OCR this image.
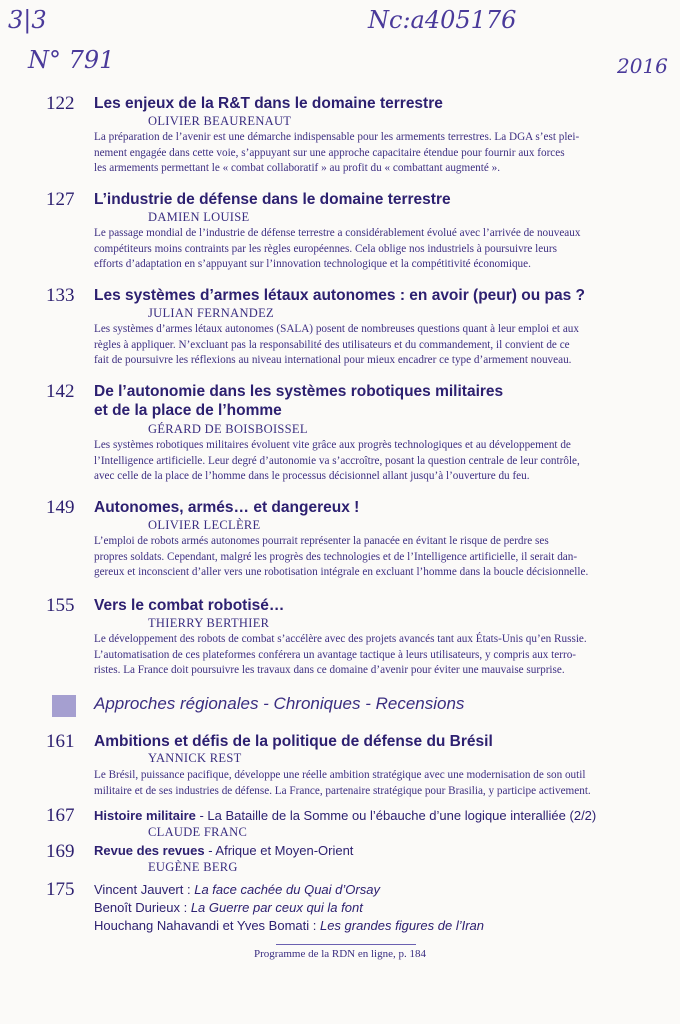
3|3
N° 791
Nc:a405176
2016
122	Les enjeux de la R&T dans le domaine terrestre
OLIVIER BEAURENAUT
La préparation de l’avenir est une démarche indispensable pour les armements terrestres. La DGA s’est plei-
nement engagée dans cette voie, s’appuyant sur une approche capacitaire étendue pour fournir aux forces
les armements permettant le « combat collaboratif » au profit du « combattant augmenté ».
127	L’industrie de défense dans le domaine terrestre
DAMIEN LOUISE
Le passage mondial de l’industrie de défense terrestre a considérablement évolué avec l’arrivée de nouveaux
compétiteurs moins contraints par les règles européennes. Cela oblige nos industriels à poursuivre leurs
efforts d’adaptation en s’appuyant sur l’innovation technologique et la compétitivité économique.
133	Les systèmes d’armes létaux autonomes : en avoir (peur) ou pas ?
JULIAN FERNANDEZ
Les systèmes d’armes létaux autonomes (SALA) posent de nombreuses questions quant à leur emploi et aux
règles à appliquer. N’excluant pas la responsabilité des utilisateurs et du commandement, il convient de ce
fait de poursuivre les réflexions au niveau international pour mieux encadrer ce type d’armement nouveau.
142	De l’autonomie dans les systèmes robotiques militaires
et de la place de l’homme
GÉRARD DE BOISBOISSEL
Les systèmes robotiques militaires évoluent vite grâce aux progrès technologiques et au développement de
l’Intelligence artificielle. Leur degré d’autonomie va s’accroître, posant la question centrale de leur contrôle,
avec celle de la place de l’homme dans le processus décisionnel allant jusqu’à l’ouverture du feu.
149	Autonomes, armés… et dangereux !
OLIVIER LECLÈRE
L’emploi de robots armés autonomes pourrait représenter la panacée en évitant le risque de perdre ses
propres soldats. Cependant, malgré les progrès des technologies et de l’Intelligence artificielle, il serait dan-
gereux et inconscient d’aller vers une robotisation intégrale en excluant l’homme dans la boucle décisionnelle.
155	Vers le combat robotisé…
THIERRY BERTHIER
Le développement des robots de combat s’accélère avec des projets avancés tant aux États-Unis qu’en Russie.
L’automatisation de ces plateformes conférera un avantage tactique à leurs utilisateurs, y compris aux terro-
ristes. La France doit poursuivre les travaux dans ce domaine d’avenir pour éviter une mauvaise surprise.
Approches régionales - Chroniques - Recensions
161	Ambitions et défis de la politique de défense du Brésil
YANNICK REST
Le Brésil, puissance pacifique, développe une réelle ambition stratégique avec une modernisation de son outil
militaire et de ses industries de défense. La France, partenaire stratégique pour Brasilia, y participe activement.
167	Histoire militaire - La Bataille de la Somme ou l’ébauche d’une logique interalliée (2/2)
CLAUDE FRANC
169	Revue des revues - Afrique et Moyen-Orient
EUGÈNE BERG
175	Vincent Jauvert : La face cachée du Quai d’Orsay
Benoît Durieux : La Guerre par ceux qui la font
Houchang Nahavandi et Yves Bomati : Les grandes figures de l’Iran
Programme de la RDN en ligne, p. 184
